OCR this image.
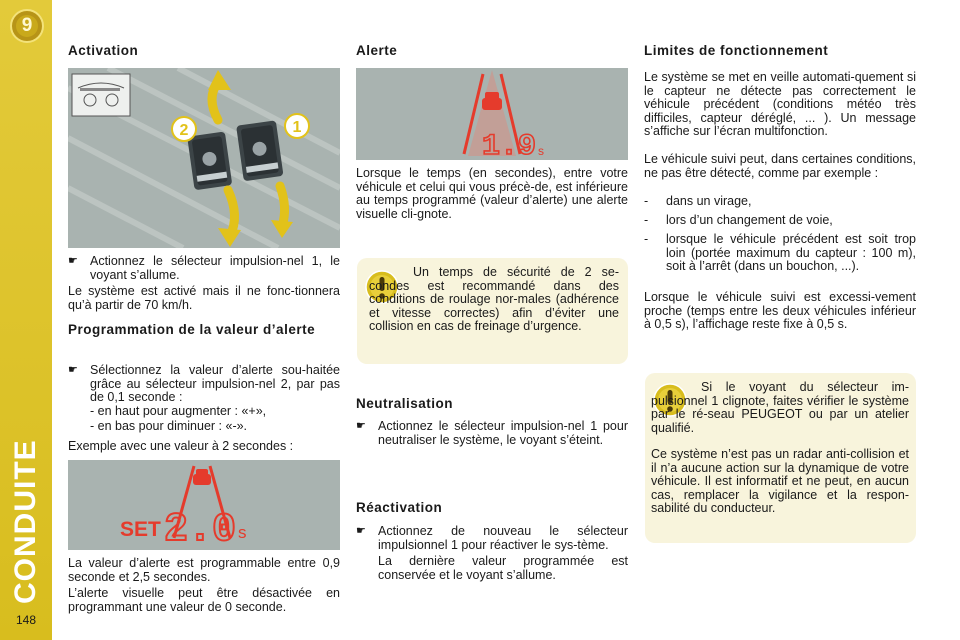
9
CONDUITE
148
Activation
2	1
☛ Actionnez le sélecteur impulsion-nel 1, le voyant s’allume.

Le système est activé mais il ne fonc-tionnera qu’à partir de 70 km/h.

Programmation de la valeur d’alerte
☛ Sélectionnez la valeur d’alerte sou-haitée grâce au sélecteur impulsion-nel 2, par pas de 0,1 seconde :
- en haut pour augmenter : «+»,
- en bas pour diminuer : «-».

Exemple avec une valeur à 2 secondes :

SET 2.0 s

La valeur d’alerte est programmable entre 0,9 seconde et 2,5 secondes.

L’alerte visuelle peut être désactivée en programmant une valeur de 0 seconde.

Alerte
1.9 s

Lorsque le temps (en secondes), entre votre véhicule et celui qui vous précè-de, est inférieure au temps programmé (valeur d’alerte) une alerte visuelle cli-gnote.

Un temps de sécurité de 2 se-condes est recommandé dans des conditions de roulage nor-males (adhérence et vitesse correctes) afin d’éviter une collision en cas de freinage d’urgence.

Neutralisation
☛ Actionnez le sélecteur impulsion-nel 1 pour neutraliser le système, le voyant s’éteint.
Réactivation
☛ Actionnez de nouveau le sélecteur impulsionnel 1 pour réactiver le sys-tème.
La dernière valeur programmée est conservée et le voyant s’allume.
Limites de fonctionnement

Le système se met en veille automati-quement si le capteur ne détecte pas correctement le véhicule précédent (conditions météo très difficiles, capteur déréglé, ... ). Un message s’affiche sur l’écran multifonction.

Le véhicule suivi peut, dans certaines conditions, ne pas être détecté, comme par exemple :

- dans un virage,
- lors d’un changement de voie,
- lorsque le véhicule précédent est soit trop loin (portée maximum du capteur : 100 m), soit à l’arrêt (dans un bouchon, ...).

Lorsque le véhicule suivi est excessi-vement proche (temps entre les deux véhicules inférieur à 0,5 s), l’affichage reste fixe à 0,5 s.

Si le voyant du sélecteur im-pulsionnel 1 clignote, faites vérifier le système par le ré-seau PEUGEOT ou par un atelier qualifié.

Ce système n’est pas un radar anti-collision et il n’a aucune action sur la dynamique de votre véhicule. Il est informatif et ne peut, en aucun cas, remplacer la vigilance et la respon-sabilité du conducteur.
